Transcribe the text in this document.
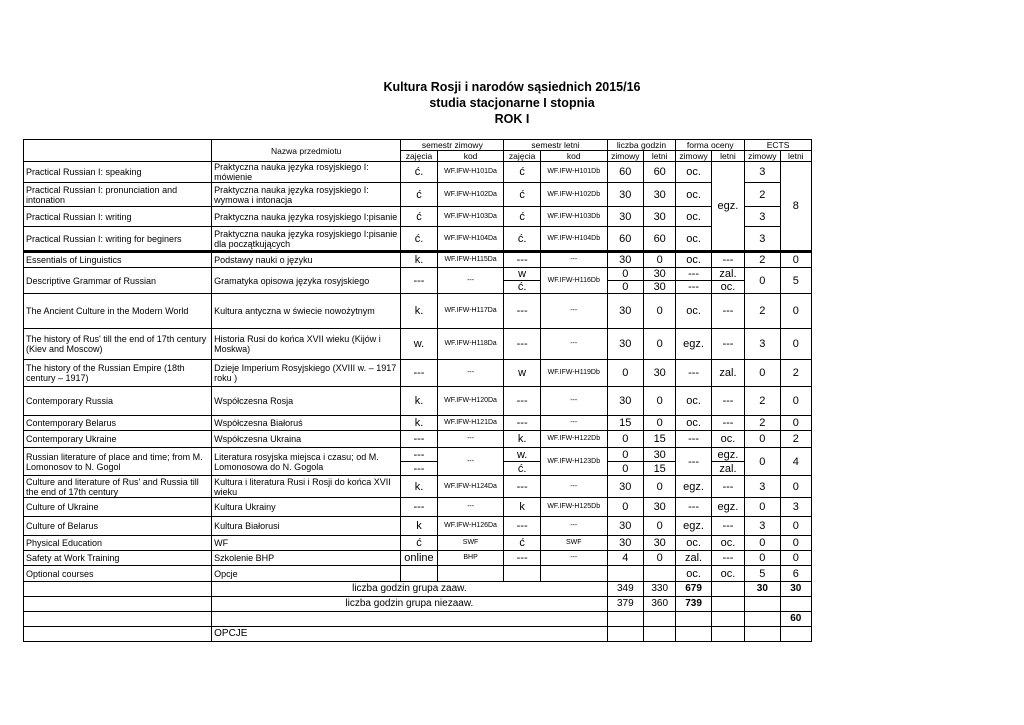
Kultura Rosji i narodów sąsiednich 2015/16
studia stacjonarne I stopnia
ROK I
	Nazwa przedmiotu	semestr zimowy		semestr letni		liczba godzin		forma oceny		ECTS	
		zajęcia	kod	zajęcia	kod	zimowy	letni	zimowy	letni	zimowy	letni
Practical Russian I: speaking	Praktyczna nauka języka rosyjskiego I: mówienie	ć.	WF.IFW-H101Da	ć	WF.IFW-H101Db	60	60	oc.	egz.	3	8
Practical Russian I: pronunciation and intonation	Praktyczna nauka języka rosyjskiego I: wymowa i intonacja	ć	WF.IFW-H102Da	ć	WF.IFW-H102Db	30	30	oc.		2	
Practical Russian I: writing	Praktyczna nauka języka rosyjskiego I:pisanie	ć	WF.IFW-H103Da	ć	WF.IFW-H103Db	30	30	oc.		3	
Practical Russian I: writing for beginers	Praktyczna nauka języka rosyjskiego I:pisanie dla początkujących	ć.	WF.IFW-H104Da	ć.	WF.IFW-H104Db	60	60	oc.		3	
Essentials of Linguistics	Podstawy nauki o języku	k.	WF.IFW-H115Da	---	---	30	0	oc.	---	2	0
Descriptive Grammar of Russian	Gramatyka opisowa języka rosyjskiego	---	---	w	WF.IFW-H116Db	0	30	---	zal.	0	5
				ć.		0	30	---	oc.		
The Ancient Culture in the Modern World	Kultura antyczna w świecie nowożytnym	k.	WF.IFW-H117Da	---	---	30	0	oc.	---	2	0
The history of Rus' till the end of 17th century (Kiev and Moscow)	Historia Rusi do końca XVII wieku (Kijów i Moskwa)	w.	WF.IFW-H118Da	---	---	30	0	egz.	---	3	0
The history of the Russian Empire (18th century – 1917)	Dzieje Imperium Rosyjskiego (XVIII w. – 1917 roku )	---	---	w	WF.IFW-H119Db	0	30	---	zal.	0	2
Contemporary Russia	Współczesna Rosja	k.	WF.IFW-H120Da	---	---	30	0	oc.	---	2	0
Contemporary Belarus	Współczesna Białoruś	k.	WF.IFW-H121Da	---	---	15	0	oc.	---	2	0
Contemporary Ukraine	Współczesna Ukraina	---	---	k.	WF.IFW-H122Db	0	15	---	oc.	0	2
Russian literature of place and time; from M. Lomonosov to N. Gogol	Literatura rosyjska miejsca i czasu; od M. Lomonosowa do N. Gogola	---	---	w.	WF.IFW-H123Db	0	30	---	egz.	0	4
		---		ć.		0	15		zal.		
Culture and literature of Rus' and Russia till the end of 17th century	Kultura i literatura Rusi i Rosji do końca XVII wieku	k.	WF.IFW-H124Da	---	---	30	0	egz.	---	3	0
Culture of Ukraine	Kultura Ukrainy	---	---	k	WF.IFW-H125Db	0	30	---	egz.	0	3
Culture of Belarus	Kultura Białorusi	k	WF.IFW-H126Da	---	---	30	0	egz.	---	3	0
Physical Education	WF	ć	SWF	ć	SWF	30	30	oc.	oc.	0	0
Safety at Work Training	Szkolenie BHP	online	BHP	---	---	4	0	zal.	---	0	0
Optional courses	Opcje							oc.	oc.	5	6
	liczba godzin grupa zaaw.					349	330	679		30	30
	liczba godzin grupa niezaaw.					379	360	739			
											60
	OPCJE										
